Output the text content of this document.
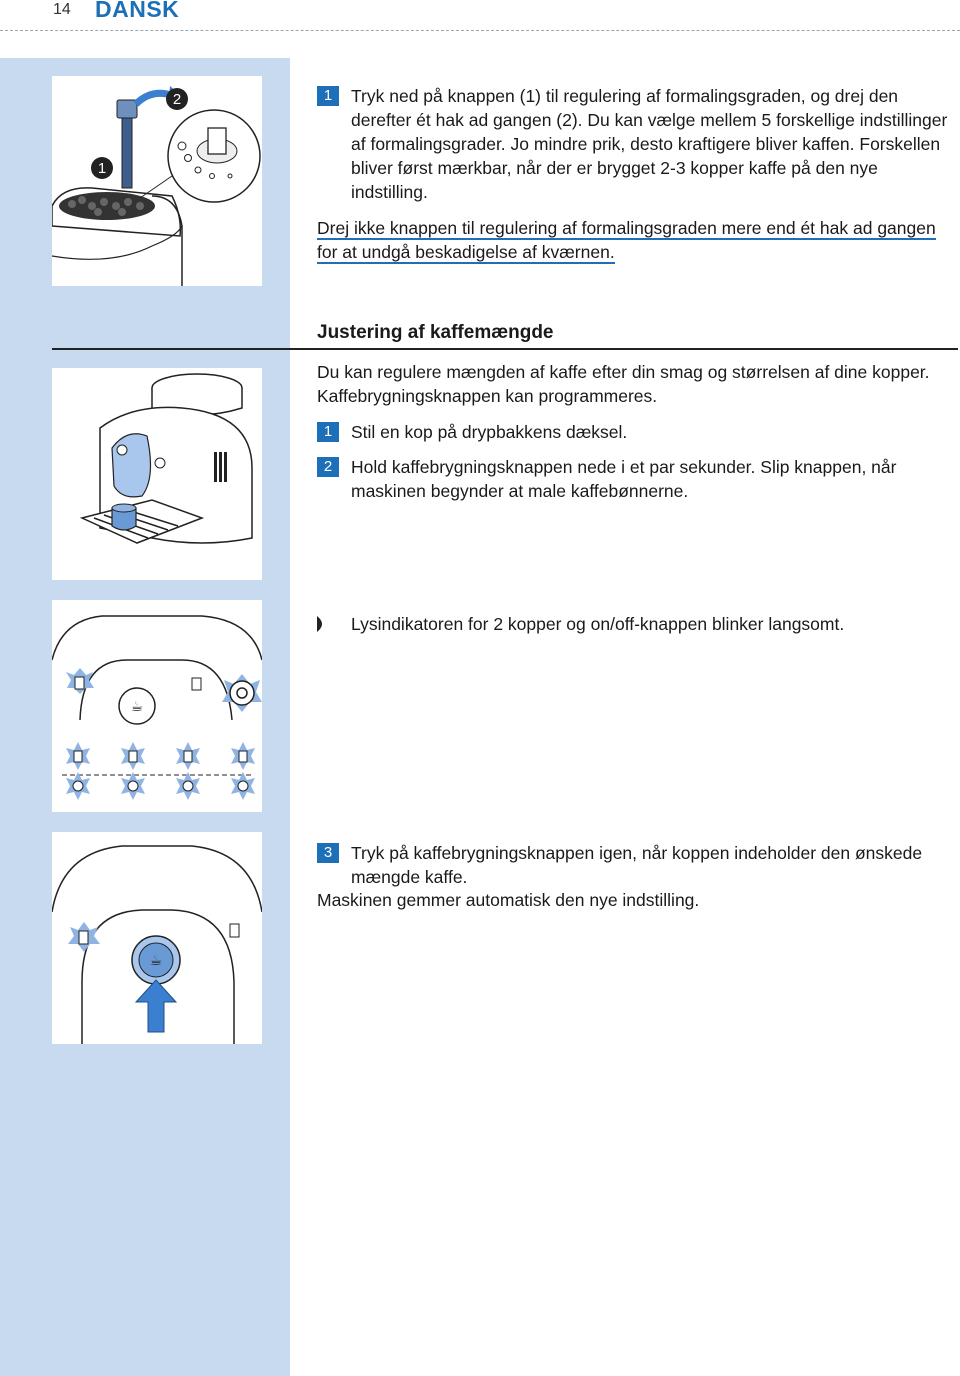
14 DANSK
2
1
☕
☕
1	Tryk ned på knappen (1) til regulering af formalingsgraden, og drej den derefter ét hak ad gangen (2). Du kan vælge mellem 5 forskellige indstillinger af formalingsgrader. Jo mindre prik, desto kraftigere bliver kaffen. Forskellen bliver først mærkbar, når der er brygget 2-3 kopper kaffe på den nye indstilling.
Drej ikke knappen til regulering af formalingsgraden mere end ét hak ad gangen for at undgå beskadigelse af kværnen.
Justering af kaffemængde
Du kan regulere mængden af kaffe efter din smag og størrelsen af dine kopper. Kaffebrygningsknappen kan programmeres.
1	Stil en kop på drypbakkens dæksel.
2	Hold kaffebrygningsknappen nede i et par sekunder. Slip knappen, når maskinen begynder at male kaffebønnerne.
Lysindikatoren for 2 kopper og on/off-knappen blinker langsomt.
3	Tryk på kaffebrygningsknappen igen, når koppen indeholder den ønskede mængde kaffe.
Maskinen gemmer automatisk den nye indstilling.
